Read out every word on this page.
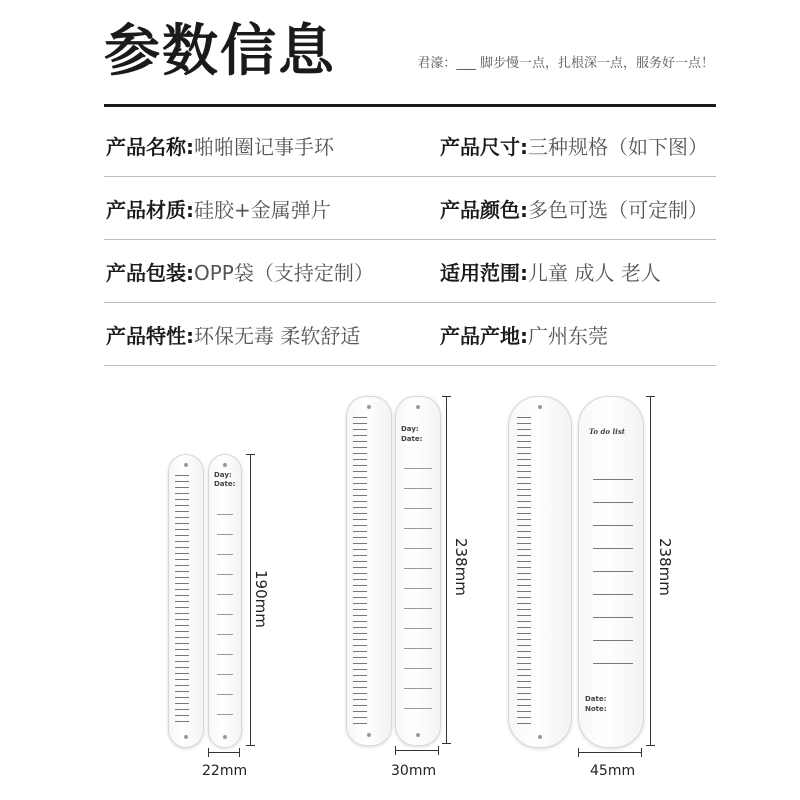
参数信息	君濠：___ 脚步慢一点，扎根深一点，服务好一点！
产品名称: 啪啪圈记事手环	产品尺寸: 三种规格（如下图）
产品材质: 硅胶+金属弹片	产品颜色: 多色可选（可定制）
产品包装: OPP袋（支持定制）	适用范围: 儿童 成人 老人
产品特性: 环保无毒 柔软舒适	产品产地: 广州东莞
Day:
Date:
190mm
22mm
Day:
Date:
238mm
30mm
To do list
Date:
Note:
238mm
45mm
